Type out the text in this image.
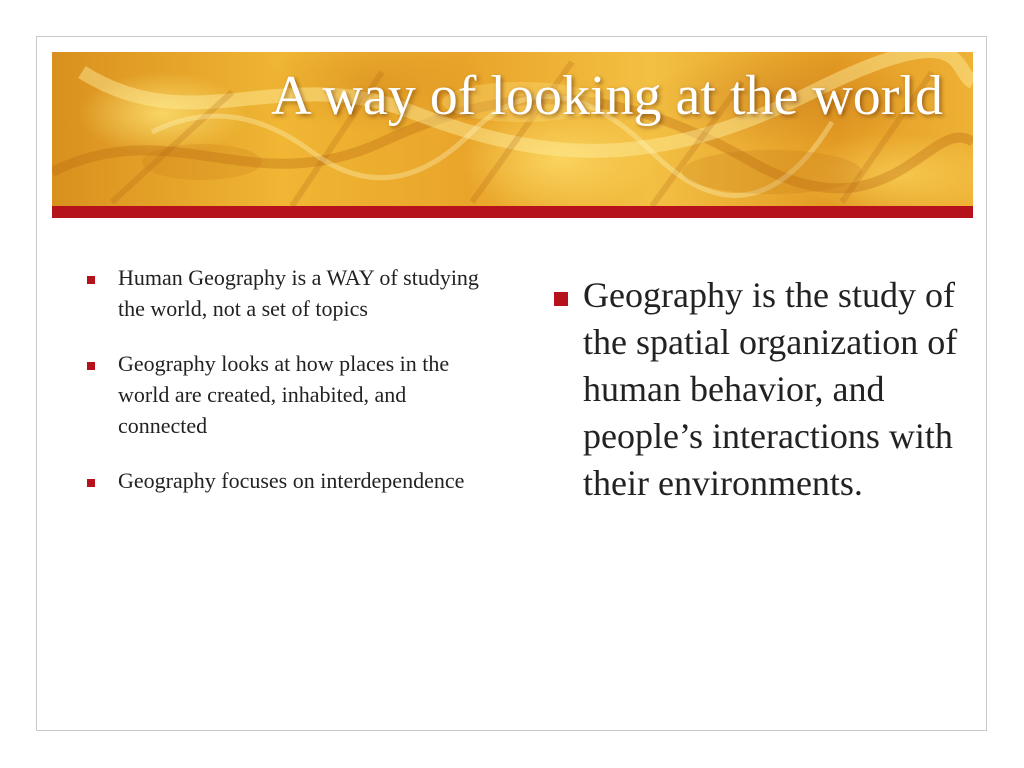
A way of looking at the world
Human Geography is a WAY of studying the world, not a set of topics
Geography looks at how places in the world are created, inhabited, and connected
Geography focuses on interdependence
Geography is the study of the spatial organization of human behavior, and people’s interactions with their environments.
